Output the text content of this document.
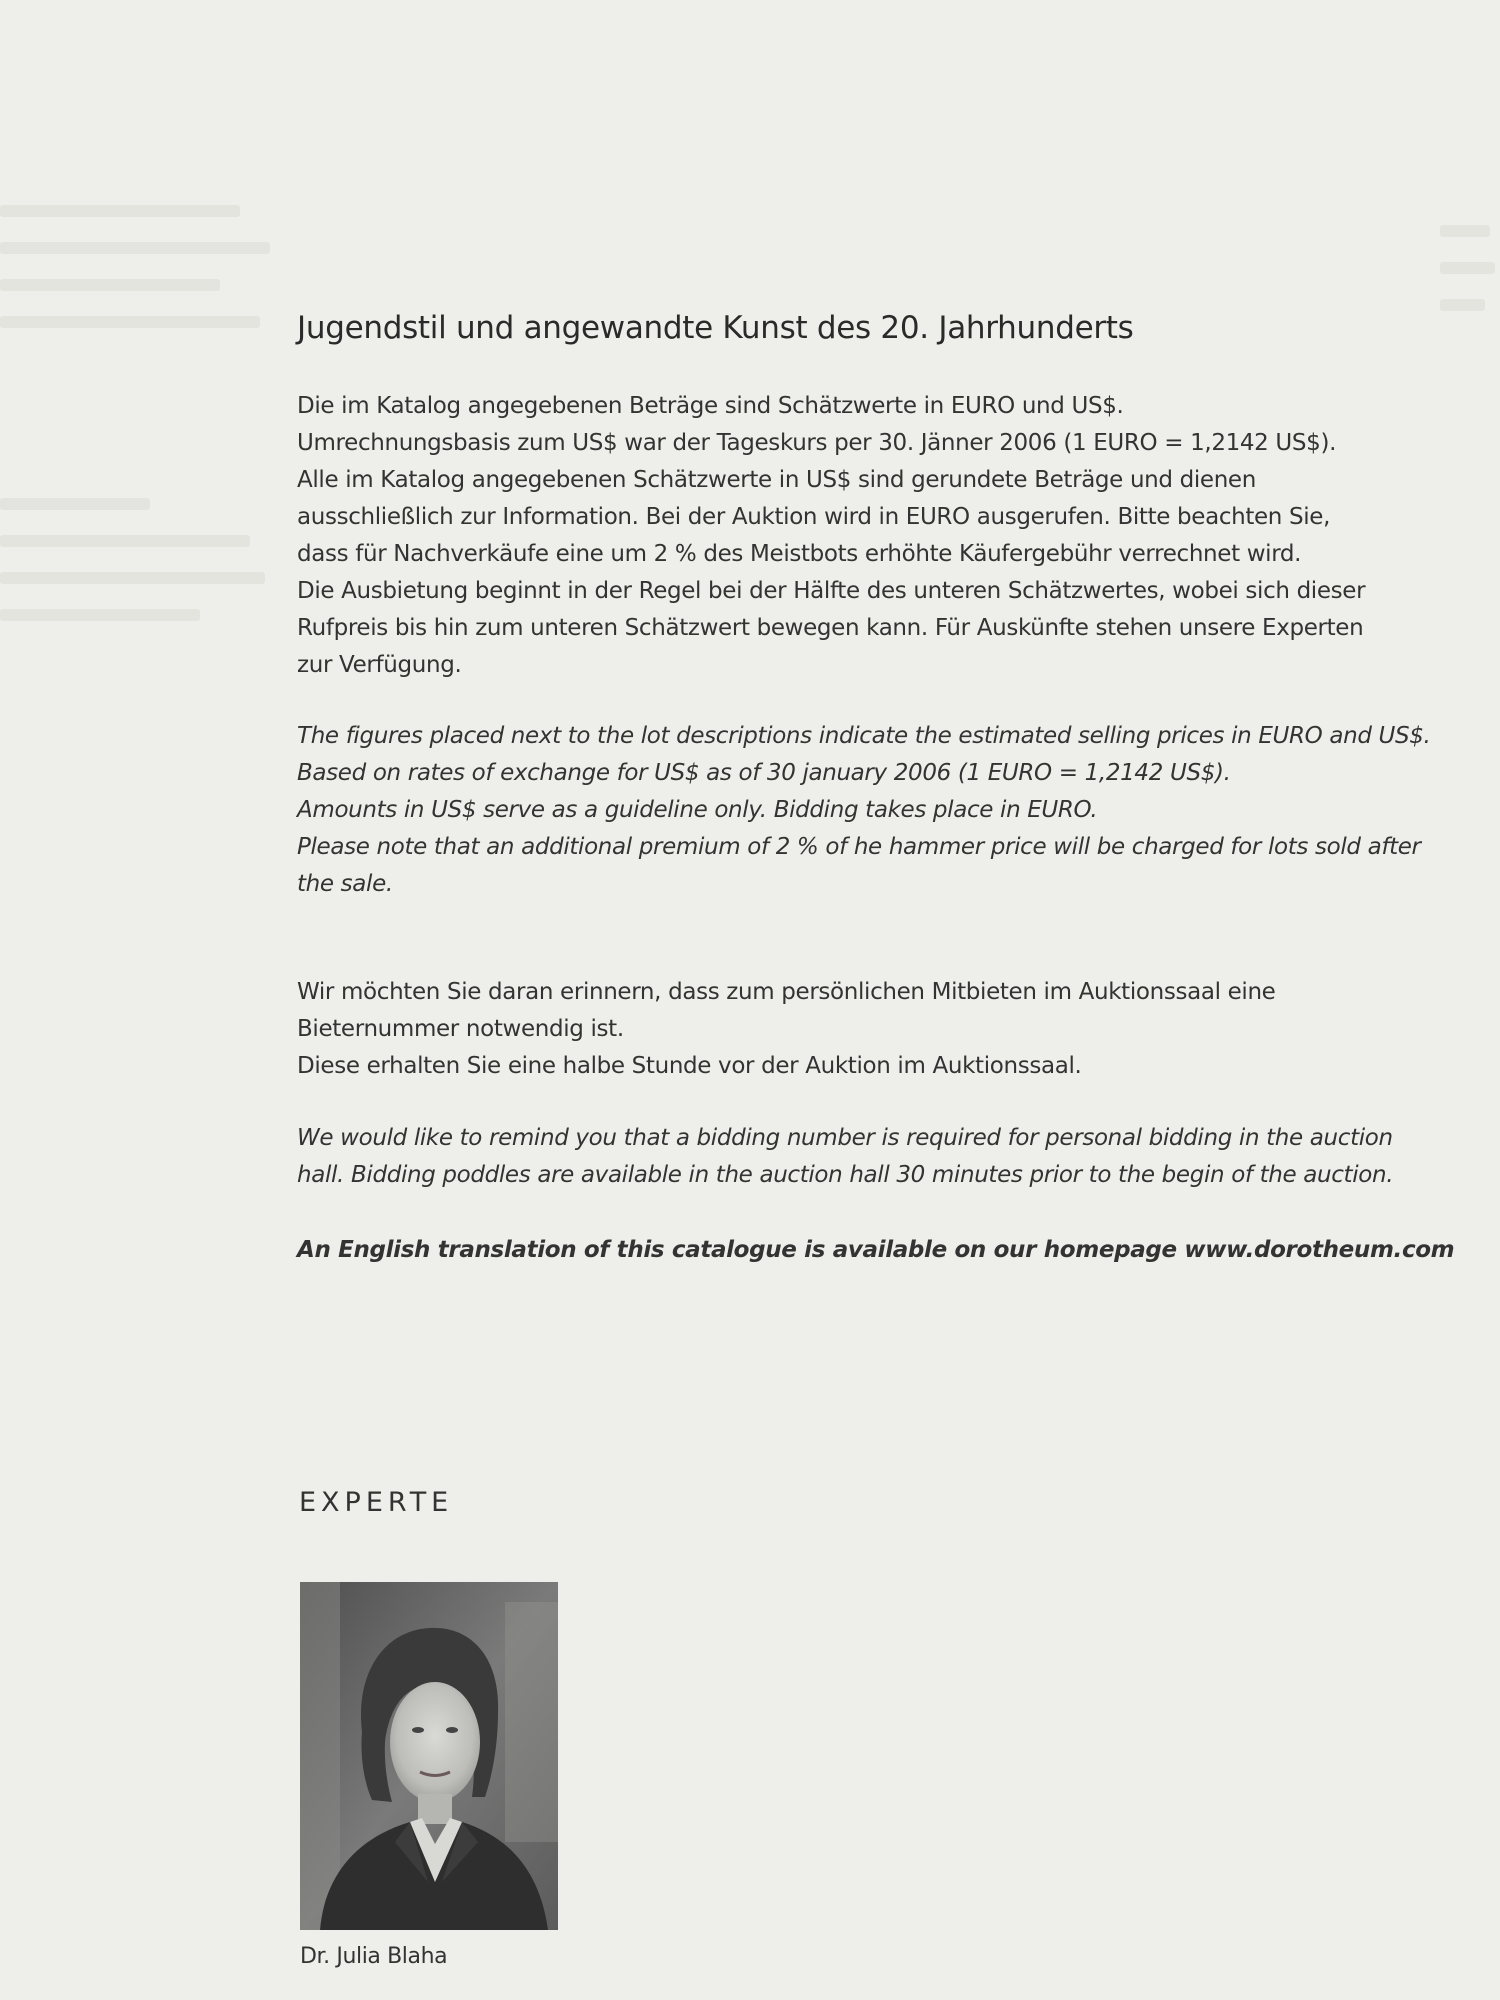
Jugendstil und angewandte Kunst des 20. Jahrhunderts
Die im Katalog angegebenen Beträge sind Schätzwerte in EURO und US$.
Umrechnungsbasis zum US$ war der Tageskurs per 30. Jänner 2006 (1 EURO = 1,2142 US$).
Alle im Katalog angegebenen Schätzwerte in US$ sind gerundete Beträge und dienen
ausschließlich zur Information. Bei der Auktion wird in EURO ausgerufen. Bitte beachten Sie,
dass für Nachverkäufe eine um 2 % des Meistbots erhöhte Käufergebühr verrechnet wird.
Die Ausbietung beginnt in der Regel bei der Hälfte des unteren Schätzwertes, wobei sich dieser
Rufpreis bis hin zum unteren Schätzwert bewegen kann. Für Auskünfte stehen unsere Experten
zur Verfügung.
The figures placed next to the lot descriptions indicate the estimated selling prices in EURO and US$.
Based on rates of exchange for US$ as of 30 january 2006 (1 EURO = 1,2142 US$).
Amounts in US$ serve as a guideline only. Bidding takes place in EURO.
Please note that an additional premium of 2 % of he hammer price will be charged for lots sold after
the sale.
Wir möchten Sie daran erinnern, dass zum persönlichen Mitbieten im Auktionssaal eine
Bieternummer notwendig ist.
Diese erhalten Sie eine halbe Stunde vor der Auktion im Auktionssaal.
We would like to remind you that a bidding number is required for personal bidding in the auction
hall. Bidding poddles are available in the auction hall 30 minutes prior to the begin of the auction.
An English translation of this catalogue is available on our homepage www.dorotheum.com
EXPERTE

Dr. Julia Blaha
